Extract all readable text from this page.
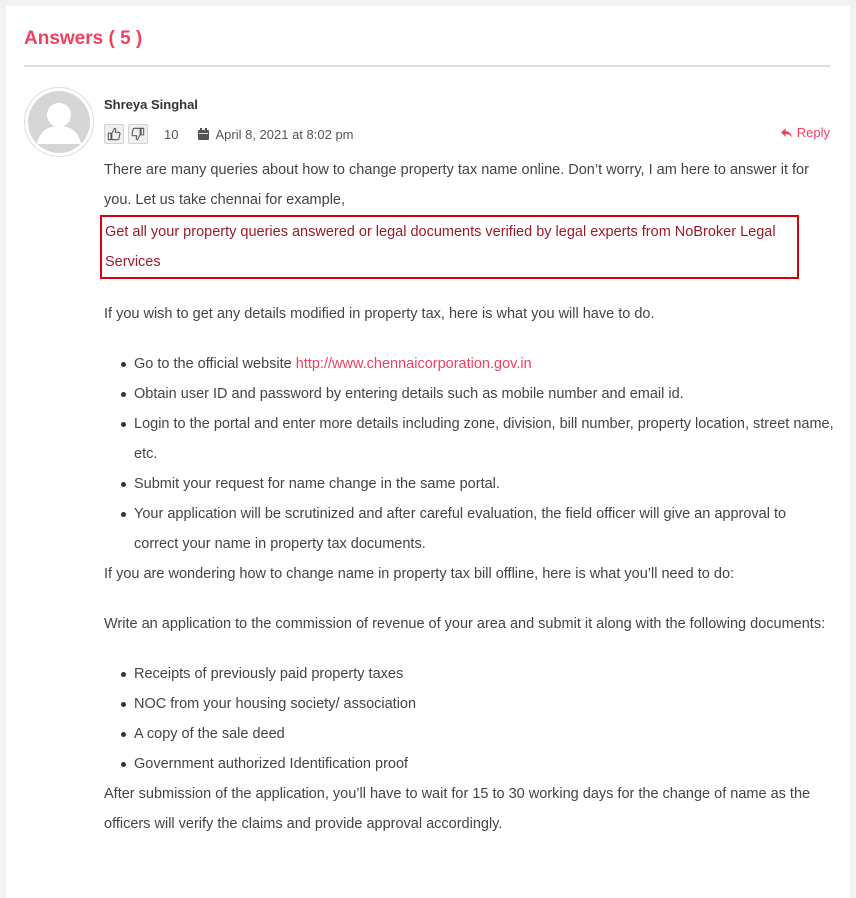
Answers ( 5 )
Shreya Singhal
10	April 8, 2021 at 8:02 pm	Reply

There are many queries about how to change property tax name online. Don’t worry, I am here to answer it for you. Let us take chennai for example,

Get all your property queries answered or legal documents verified by legal experts from NoBroker Legal Services

If you wish to get any details modified in property tax, here is what you will have to do.

Go to the official website http://www.chennaicorporation.gov.in
Obtain user ID and password by entering details such as mobile number and email id.
Login to the portal and enter more details including zone, division, bill number, property location, street name, etc.
Submit your request for name change in the same portal.
Your application will be scrutinized and after careful evaluation, the field officer will give an approval to correct your name in property tax documents.

If you are wondering how to change name in property tax bill offline, here is what you’ll need to do:

Write an application to the commission of revenue of your area and submit it along with the following documents:

Receipts of previously paid property taxes
NOC from your housing society/ association
A copy of the sale deed
Government authorized Identification proof

After submission of the application, you’ll have to wait for 15 to 30 working days for the change of name as the officers will verify the claims and provide approval accordingly.
